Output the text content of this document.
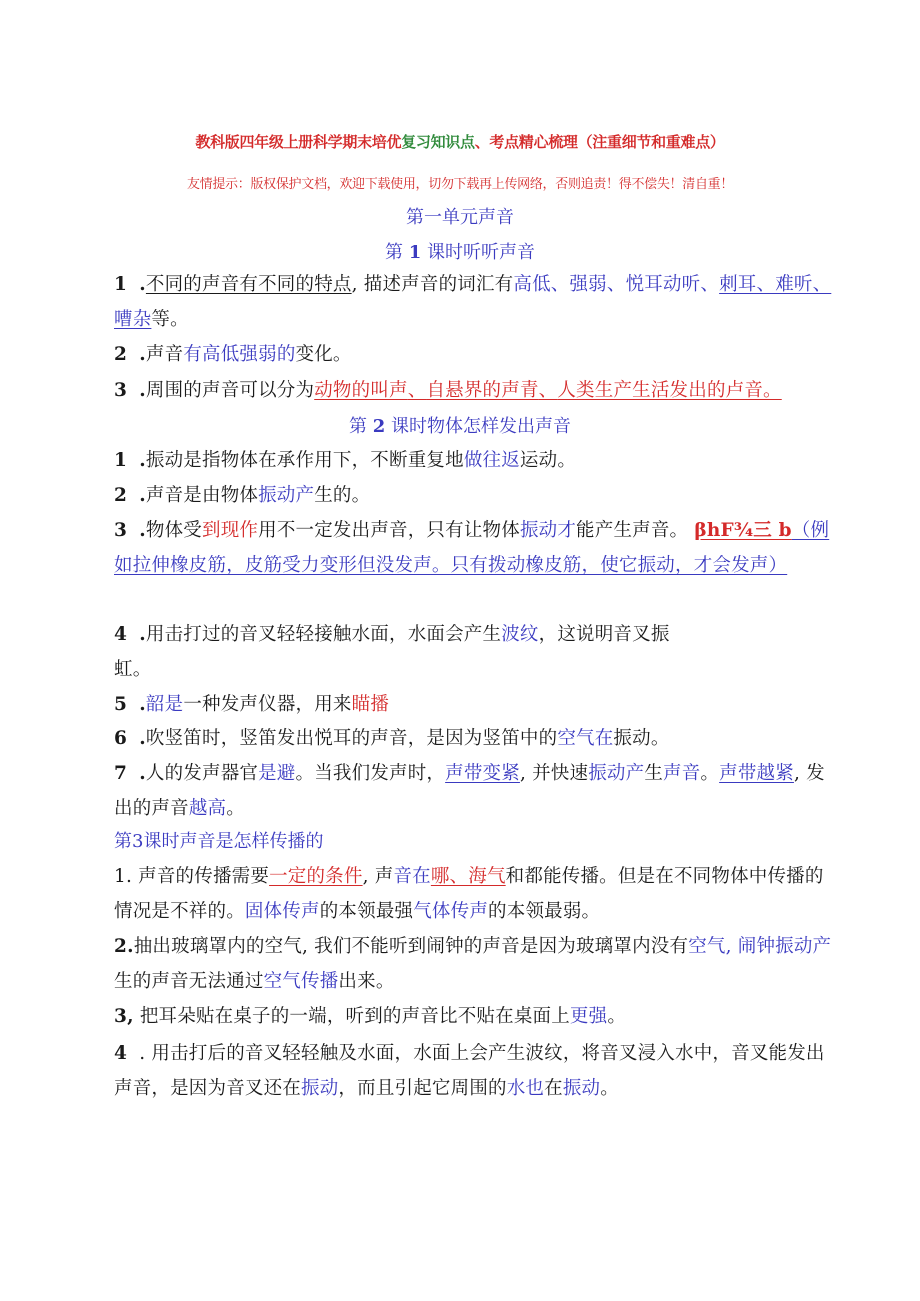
教科版四年级上册科学期末培优复习知识点、考点精心梳理（注重细节和重难点）
友情提示：版权保护文档，欢迎下载使用，切勿下载再上传网络，否则追责！得不偿失！清自重！
第一单元声音
第 1 课时听听声音
1 .不同的声音有不同的特点, 描述声音的词汇有高低、强弱、悦耳动听、刺耳、难听、嘈杂等。
2 .声音有高低强弱的变化。
3 .周围的声音可以分为动物的叫声、自悬界的声青、人类生产生活发出的卢音。
第 2 课时物体怎样发出声音
1 .振动是指物体在承作用下，不断重复地做往返运动。
2 .声音是由物体振动产生的。
3 .物体受到现作用不一定发出声音，只有让物体振动才能产生声音。 βhF¾三 b（例如拉伸橡皮筋，皮筋受力变形但没发声。只有拨动橡皮筋，使它振动，才会发声）
4 .用击打过的音叉轻轻接触水面，水面会产生波纹，这说明音叉振
虹。
5 .韶是一种发声仪器，用来瞄播
6 .吹竖笛时，竖笛发出悦耳的声音，是因为竖笛中的空气在振动。
7 .人的发声器官是避。当我们发声时，声带变紧, 并快速振动产生声音。声带越紧, 发出的声音越高。
第3课时声音是怎样传播的
1. 声音的传播需要一定的条件, 声音在哪、海气和都能传播。但是在不同物体中传播的情况是不祥的。固体传声的本领最强气体传声的本领最弱。
2.抽出玻璃罩内的空气, 我们不能听到闹钟的声音是因为玻璃罩内没有空气, 闹钟振动产生的声音无法通过空气传播出来。
3, 把耳朵贴在桌子的一端，听到的声音比不贴在桌面上更强。
4 . 用击打后的音叉轻轻触及水面，水面上会产生波纹，将音叉浸入水中，音叉能发出声音，是因为音叉还在振动，而且引起它周围的水也在振动。
